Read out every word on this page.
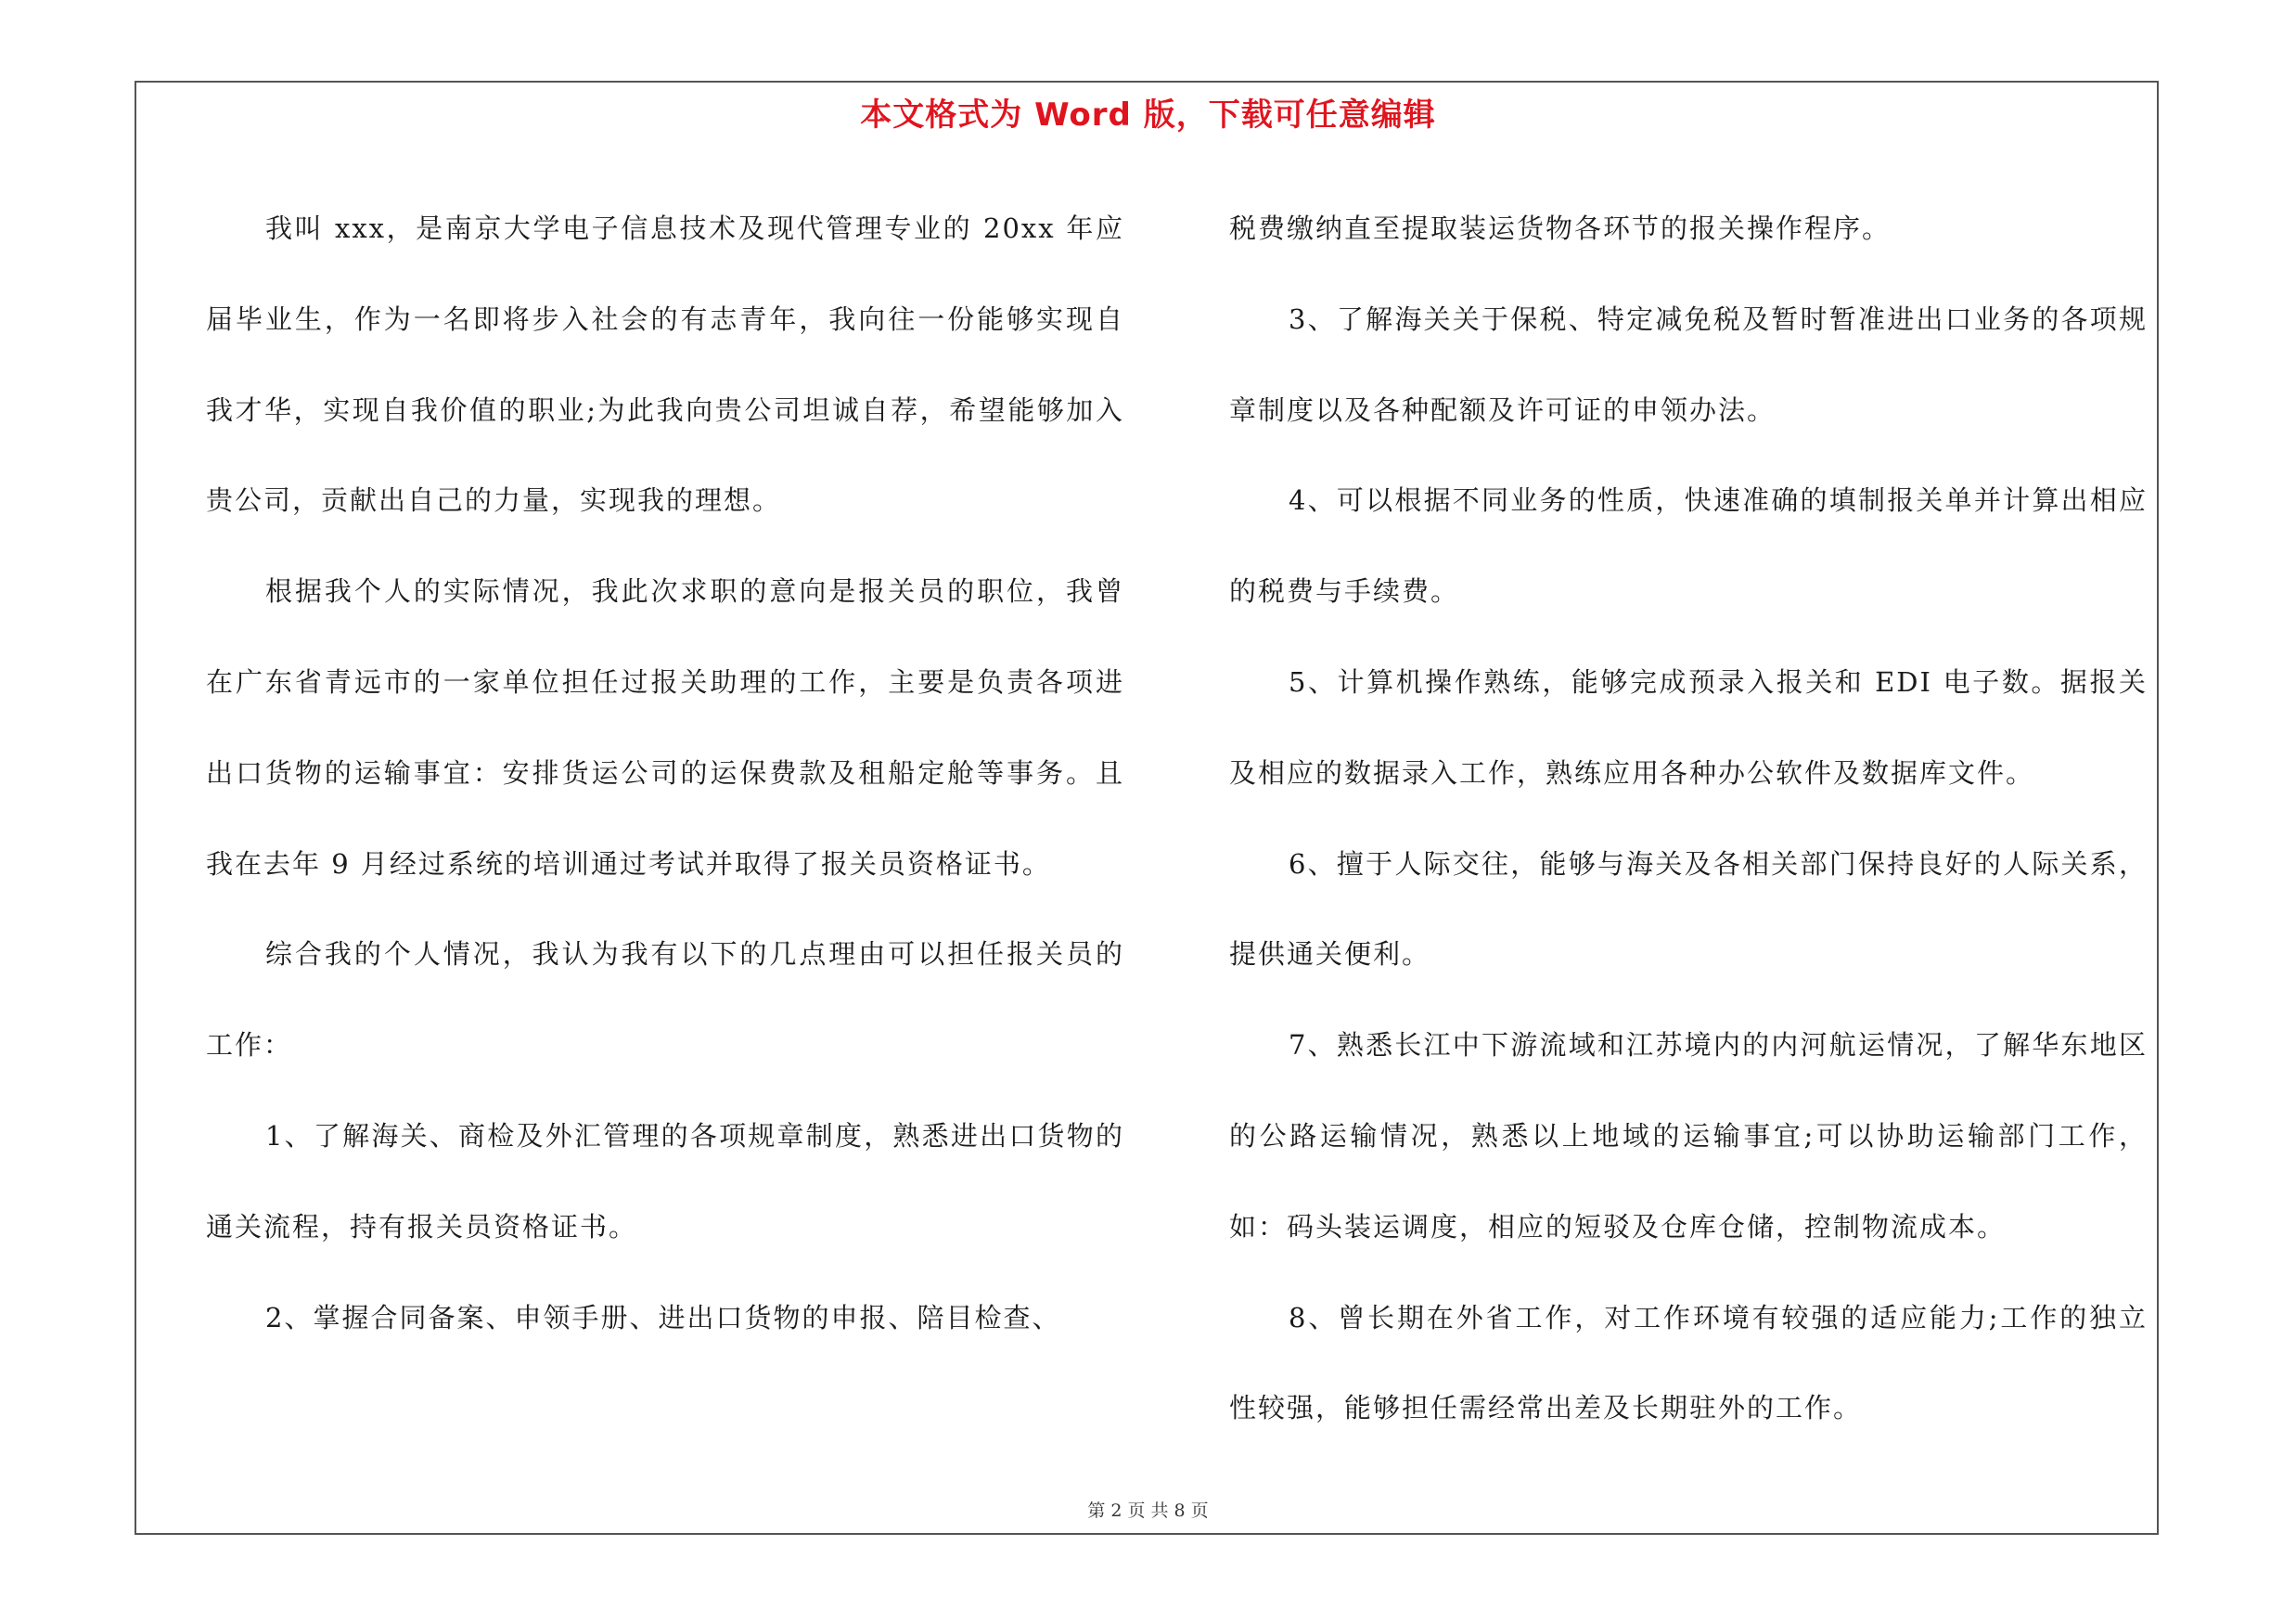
本文格式为 Word 版，下载可任意编辑

我叫 xxx，是南京大学电子信息技术及现代管理专业的 20xx 年应届毕业生，作为一名即将步入社会的有志青年，我向往一份能够实现自我才华，实现自我价值的职业;为此我向贵公司坦诚自荐，希望能够加入贵公司，贡献出自己的力量，实现我的理想。

根据我个人的实际情况，我此次求职的意向是报关员的职位，我曾在广东省青远市的一家单位担任过报关助理的工作，主要是负责各项进出口货物的运输事宜：安排货运公司的运保费款及租船定舱等事务。且我在去年 9 月经过系统的培训通过考试并取得了报关员资格证书。

综合我的个人情况，我认为我有以下的几点理由可以担任报关员的工作：

1、了解海关、商检及外汇管理的各项规章制度，熟悉进出口货物的通关流程，持有报关员资格证书。

2、掌握合同备案、申领手册、进出口货物的申报、陪目检查、

税费缴纳直至提取装运货物各环节的报关操作程序。

3、了解海关关于保税、特定减免税及暂时暂准进出口业务的各项规章制度以及各种配额及许可证的申领办法。

4、可以根据不同业务的性质，快速准确的填制报关单并计算出相应的税费与手续费。

5、计算机操作熟练，能够完成预录入报关和 EDI 电子数。据报关及相应的数据录入工作，熟练应用各种办公软件及数据库文件。

6、擅于人际交往，能够与海关及各相关部门保持良好的人际关系，提供通关便利。

7、熟悉长江中下游流域和江苏境内的内河航运情况，了解华东地区的公路运输情况，熟悉以上地域的运输事宜;可以协助运输部门工作，如：码头装运调度，相应的短驳及仓库仓储，控制物流成本。

8、曾长期在外省工作，对工作环境有较强的适应能力;工作的独立性较强，能够担任需经常出差及长期驻外的工作。

第 2 页 共 8 页
